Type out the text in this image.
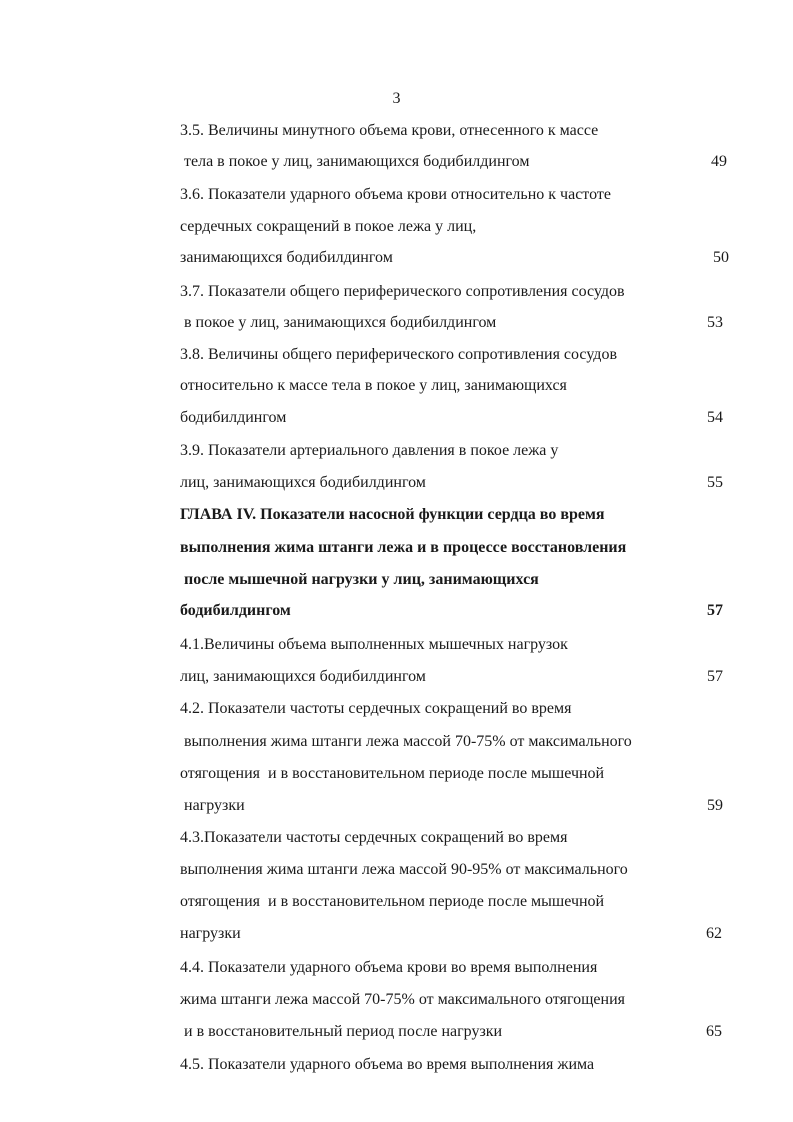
3
3.5. Величины минутного объема крови, отнесенного к массе
тела в покое у лиц, занимающихся бодибилдингом	49
3.6. Показатели ударного объема крови относительно к частоте
сердечных сокращений в покое лежа у лиц,
занимающихся бодибилдингом	50
3.7. Показатели общего периферического сопротивления сосудов
в покое у лиц, занимающихся бодибилдингом	53
3.8. Величины общего периферического сопротивления сосудов
относительно к массе тела в покое у лиц, занимающихся
бодибилдингом	54
3.9. Показатели артериального давления в покое лежа у
лиц, занимающихся бодибилдингом	55
ГЛАВА IV. Показатели насосной функции сердца во время
выполнения жима штанги лежа и в процессе восстановления
после мышечной нагрузки у лиц, занимающихся
бодибилдингом	57
4.1.Величины объема выполненных мышечных нагрузок
лиц, занимающихся бодибилдингом	57
4.2. Показатели частоты сердечных сокращений во время
выполнения жима штанги лежа массой 70-75% от максимального
отягощения  и в восстановительном периоде после мышечной
нагрузки	59
4.3.Показатели частоты сердечных сокращений во время
выполнения жима штанги лежа массой 90-95% от максимального
отягощения  и в восстановительном периоде после мышечной
нагрузки	62
4.4. Показатели ударного объема крови во время выполнения
жима штанги лежа массой 70-75% от максимального отягощения
и в восстановительный период после нагрузки	65
4.5. Показатели ударного объема во время выполнения жима
